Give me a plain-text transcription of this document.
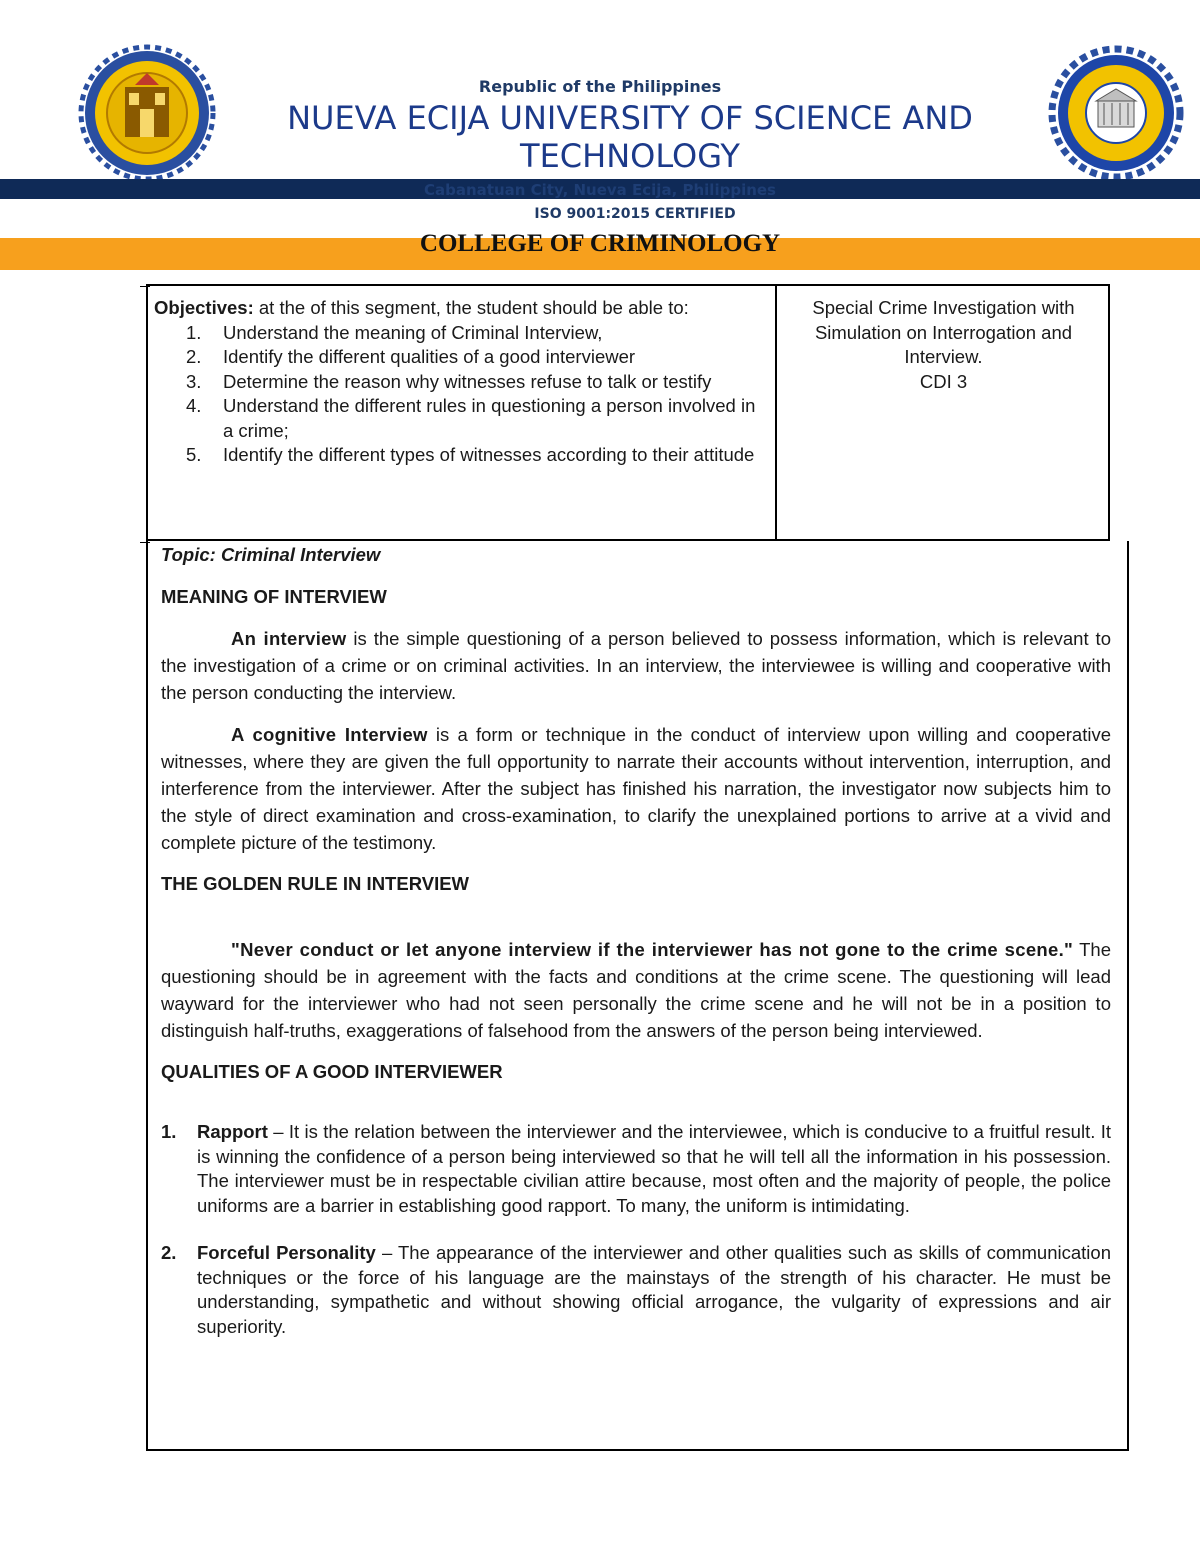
Republic of the Philippines
NUEVA ECIJA UNIVERSITY OF SCIENCE AND TECHNOLOGY
Cabanatuan City, Nueva Ecija, Philippines
ISO 9001:2015 CERTIFIED
COLLEGE OF CRIMINOLOGY
Objectives: at the of this segment, the student should be able to:
1. Understand the meaning of Criminal Interview,
2. Identify the different qualities of a good interviewer
3. Determine the reason why witnesses refuse to talk or testify
4. Understand the different rules in questioning a person involved in a crime;
5. Identify the different types of witnesses according to their attitude
Special Crime Investigation with Simulation on Interrogation and Interview.
CDI 3

Topic: Criminal Interview

MEANING OF INTERVIEW

An interview is the simple questioning of a person believed to possess information, which is relevant to the investigation of a crime or on criminal activities. In an interview, the interviewee is willing and cooperative with the person conducting the interview.

A cognitive Interview is a form or technique in the conduct of interview upon willing and cooperative witnesses, where they are given the full opportunity to narrate their accounts without intervention, interruption, and interference from the interviewer. After the subject has finished his narration, the investigator now subjects him to the style of direct examination and cross-examination, to clarify the unexplained portions to arrive at a vivid and complete picture of the testimony.

THE GOLDEN RULE IN INTERVIEW

"Never conduct or let anyone interview if the interviewer has not gone to the crime scene." The questioning should be in agreement with the facts and conditions at the crime scene. The questioning will lead wayward for the interviewer who had not seen personally the crime scene and he will not be in a position to distinguish half-truths, exaggerations of falsehood from the answers of the person being interviewed.

QUALITIES OF A GOOD INTERVIEWER

1. Rapport – It is the relation between the interviewer and the interviewee, which is conducive to a fruitful result. It is winning the confidence of a person being interviewed so that he will tell all the information in his possession. The interviewer must be in respectable civilian attire because, most often and the majority of people, the police uniforms are a barrier in establishing good rapport. To many, the uniform is intimidating.
2. Forceful Personality – The appearance of the interviewer and other qualities such as skills of communication techniques or the force of his language are the mainstays of the strength of his character. He must be understanding, sympathetic and without showing official arrogance, the vulgarity of expressions and air superiority.
